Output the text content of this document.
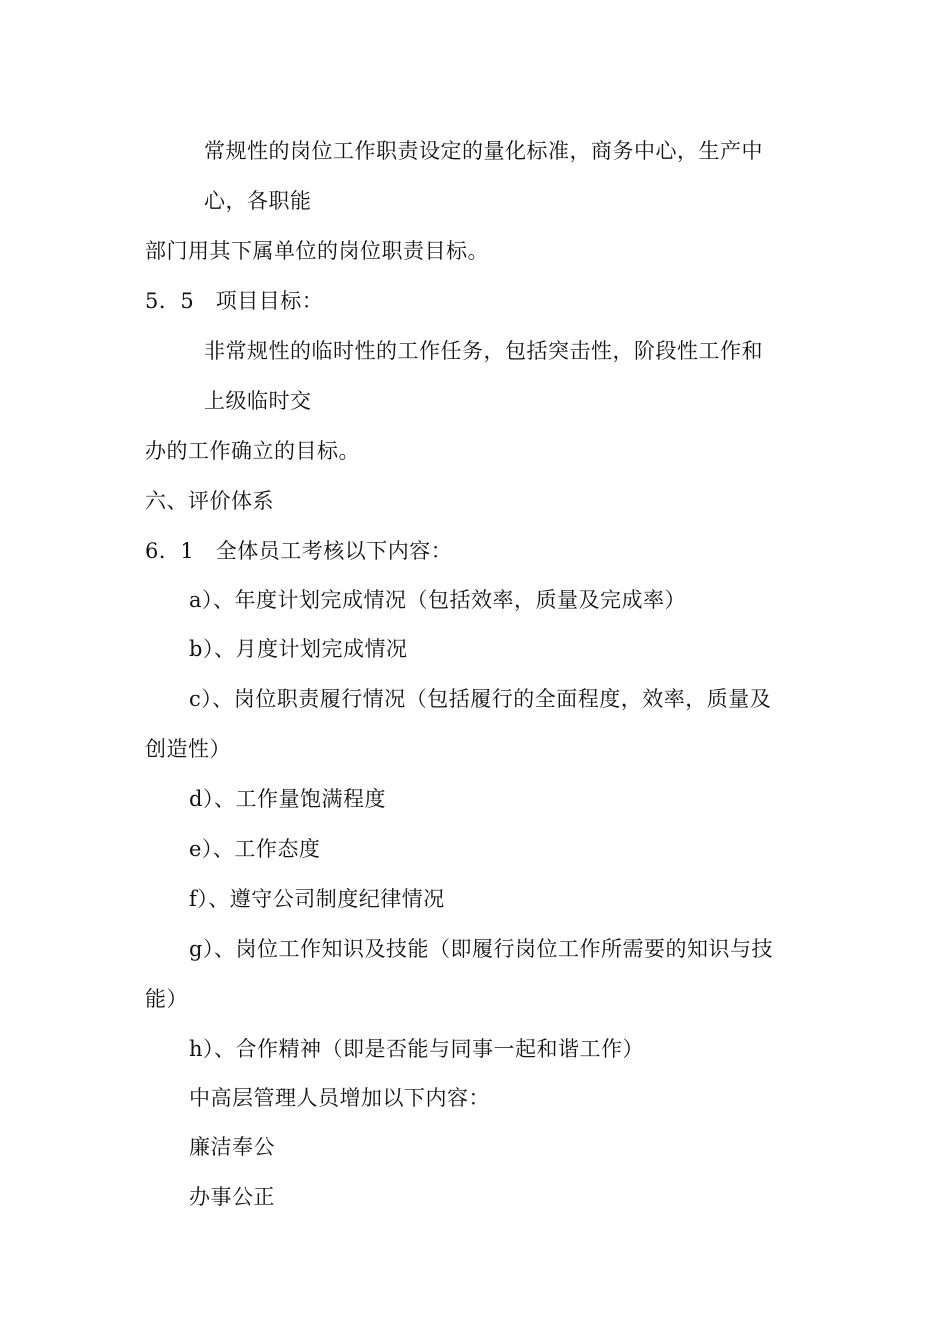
常规性的岗位工作职责设定的量化标准，商务中心，生产中
心，各职能
部门用其下属单位的岗位职责目标。
5．5　项目目标：
非常规性的临时性的工作任务，包括突击性，阶段性工作和
上级临时交
办的工作确立的目标。
六、评价体系
6．1　全体员工考核以下内容：
a）、年度计划完成情况（包括效率，质量及完成率）
b）、月度计划完成情况
c）、岗位职责履行情况（包括履行的全面程度，效率，质量及
创造性）
d）、工作量饱满程度
e）、工作态度
f）、遵守公司制度纪律情况
g）、岗位工作知识及技能（即履行岗位工作所需要的知识与技
能）
h）、合作精神（即是否能与同事一起和谐工作）
中高层管理人员增加以下内容：
廉洁奉公
办事公正
